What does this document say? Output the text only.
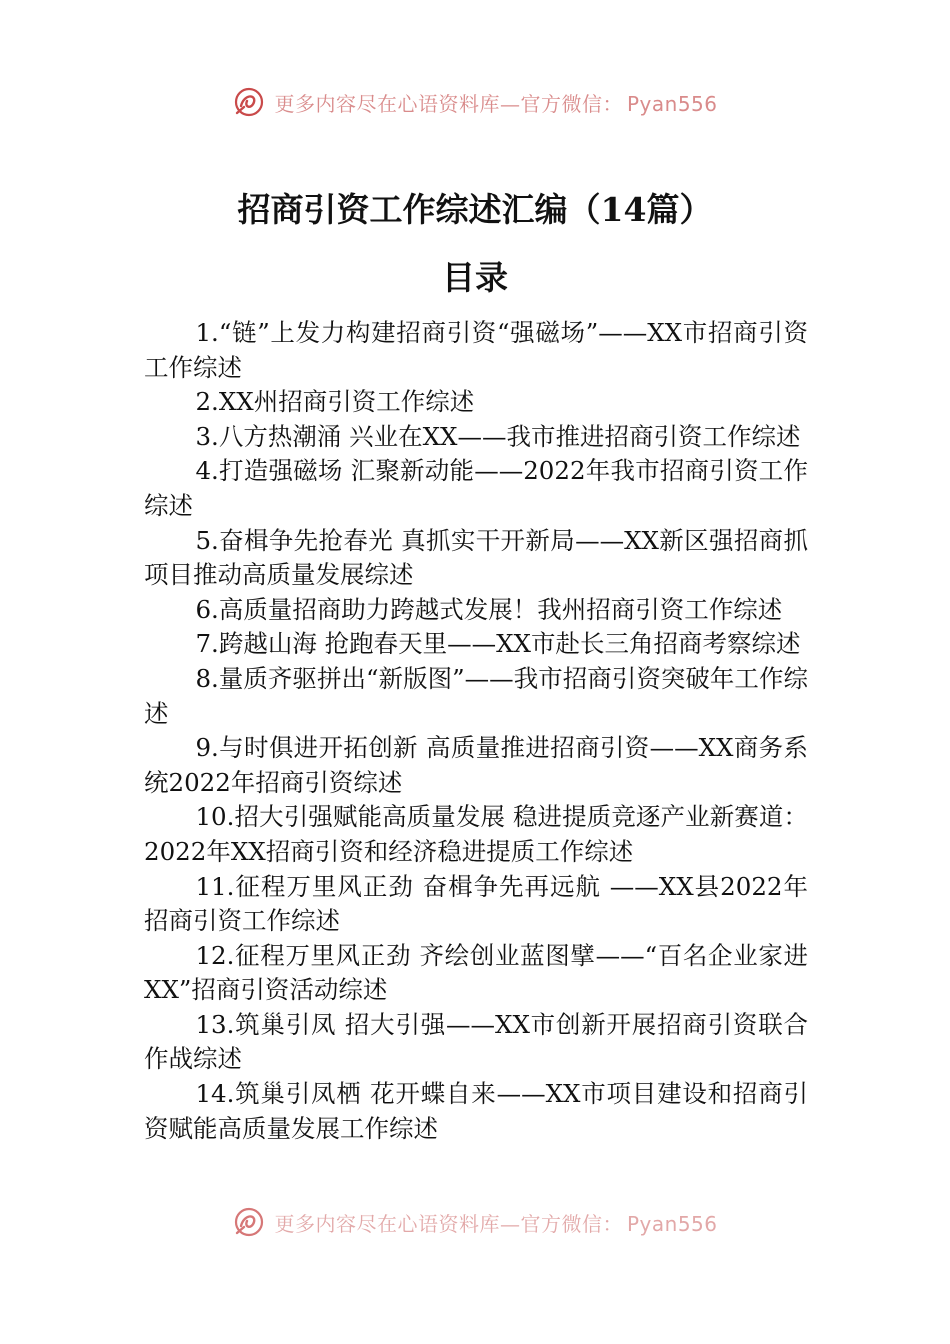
更多内容尽在心语资料库—官方微信： Pyan556
招商引资工作综述汇编（14篇）
目录
1.“链”上发力构建招商引资“强磁场”——XX市招商引资工作综述
2.XX州招商引资工作综述
3.八方热潮涌 兴业在XX——我市推进招商引资工作综述
4.打造强磁场 汇聚新动能——2022年我市招商引资工作综述
5.奋楫争先抢春光 真抓实干开新局——XX新区强招商抓项目推动高质量发展综述
6.高质量招商助力跨越式发展！我州招商引资工作综述
7.跨越山海 抢跑春天里——XX市赴长三角招商考察综述
8.量质齐驱拼出“新版图”——我市招商引资突破年工作综述
9.与时俱进开拓创新 高质量推进招商引资——XX商务系统2022年招商引资综述
10.招大引强赋能高质量发展 稳进提质竞逐产业新赛道：2022年XX招商引资和经济稳进提质工作综述
11.征程万里风正劲 奋楫争先再远航 ——XX县2022年招商引资工作综述
12.征程万里风正劲 齐绘创业蓝图擘——“百名企业家进XX”招商引资活动综述
13.筑巢引凤 招大引强——XX市创新开展招商引资联合作战综述
14.筑巢引凤栖 花开蝶自来——XX市项目建设和招商引资赋能高质量发展工作综述
更多内容尽在心语资料库—官方微信： Pyan556
